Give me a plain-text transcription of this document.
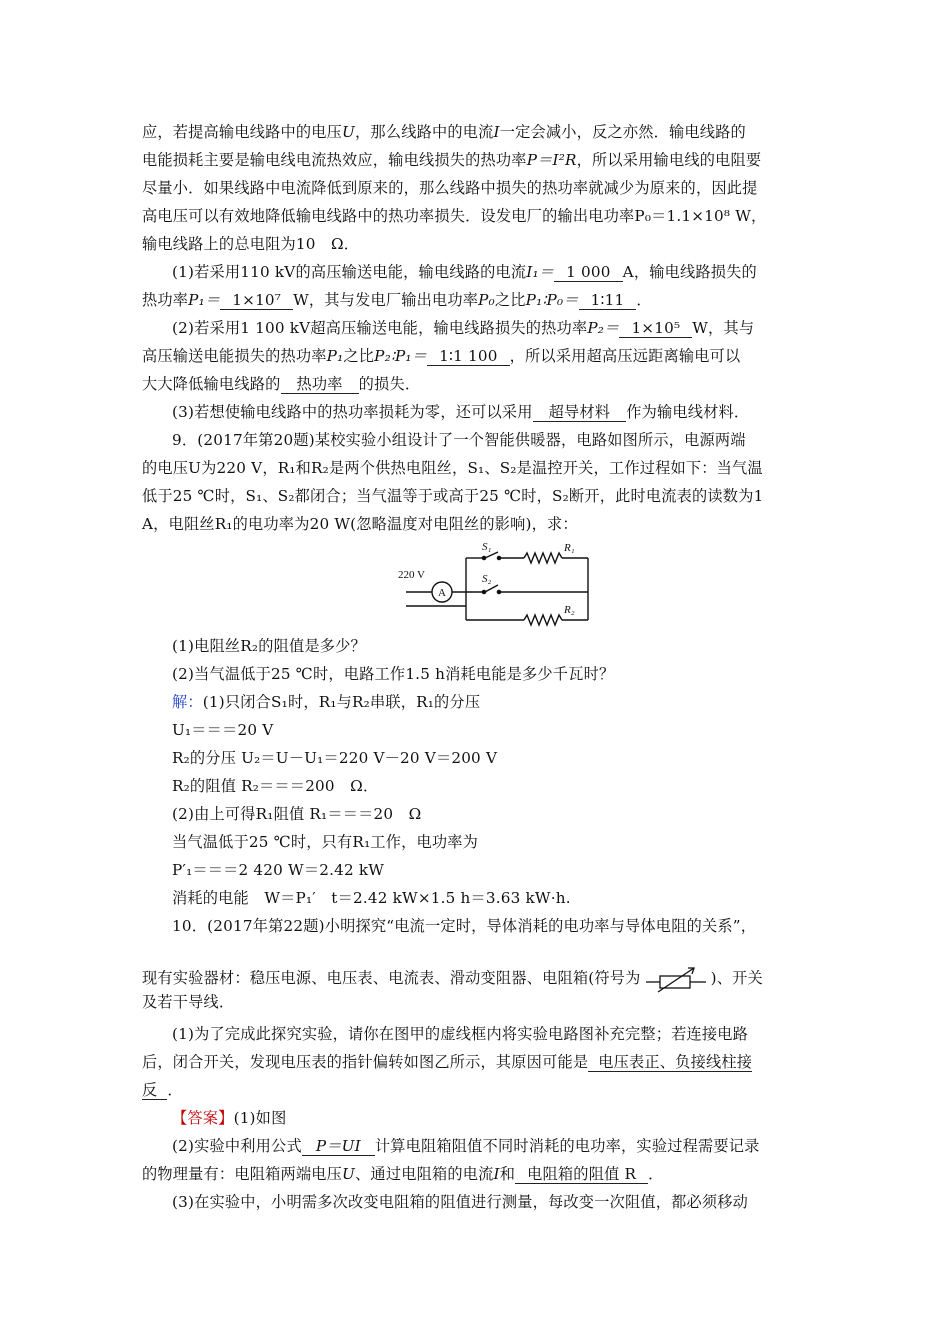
应，若提高输电线路中的电压U，那么线路中的电流I一定会减小，反之亦然．输电线路的
电能损耗主要是输电线电流热效应，输电线损失的热功率P＝I²R，所以采用输电线的电阻要
尽量小．如果线路中电流降低到原来的，那么线路中损失的热功率就减少为原来的，因此提
高电压可以有效地降低输电线路中的热功率损失．设发电厂的输出电功率P₀＝1.1×10⁸ W，
输电线路上的总电阻为10　Ω．
(1)若采用110 kV的高压输送电能，输电线路的电流I₁＝ 1 000 A，输电线路损失的
热功率P₁＝ 1×10⁷ W，其与发电厂输出电功率P₀之比P₁∶P₀＝ 1∶11 ．
(2)若采用1 100 kV超高压输送电能，输电线路损失的热功率P₂＝ 1×10⁵ W，其与
高压输送电能损失的热功率P₁之比P₂∶P₁＝ 1∶1 100 ，所以采用超高压远距离输电可以
大大降低输电线路的 热功率 的损失．
(3)若想使输电线路中的热功率损耗为零，还可以采用 超导材料 作为输电线材料．
9．(2017年第20题)某校实验小组设计了一个智能供暖器，电路如图所示，电源两端
的电压U为220 V，R₁和R₂是两个供热电阻丝，S₁、S₂是温控开关，工作过程如下：当气温
低于25 ℃时，S₁、S₂都闭合；当气温等于或高于25 ℃时，S₂断开，此时电流表的读数为1
A，电阻丝R₁的电功率为20 W(忽略温度对电阻丝的影响)，求：
220 V
S₁
S₂
R₁
R₂
A
(1)电阻丝R₂的阻值是多少？
(2)当气温低于25 ℃时，电路工作1.5 h消耗电能是多少千瓦时？
解：(1)只闭合S₁时，R₁与R₂串联，R₁的分压
U₁＝＝＝20 V
R₂的分压 U₂＝U－U₁＝220 V－20 V＝200 V
R₂的阻值 R₂＝＝＝200　Ω．
(2)由上可得R₁阻值 R₁＝＝＝20　Ω
当气温低于25 ℃时，只有R₁工作，电功率为
P′₁＝＝＝2 420 W＝2.42 kW
消耗的电能　W＝P₁′　t＝2.42 kW×1.5 h＝3.63 kW·h.
10．(2017年第22题)小明探究“电流一定时，导体消耗的电功率与导体电阻的关系”，
现有实验器材：稳压电源、电压表、电流表、滑动变阻器、电阻箱(符号为	)、开关
及若干导线．
(1)为了完成此探究实验，请你在图甲的虚线框内将实验电路图补充完整；若连接电路
后，闭合开关，发现电压表的指针偏转如图乙所示，其原因可能是 电压表正、负接线柱接
反 ．
【答案】(1)如图
(2)实验中利用公式 P＝UI 计算电阻箱阻值不同时消耗的电功率，实验过程需要记录
的物理量有：电阻箱两端电压U、通过电阻箱的电流I和 电阻箱的阻值 R ．
(3)在实验中，小明需多次改变电阻箱的阻值进行测量，每改变一次阻值，都必须移动
